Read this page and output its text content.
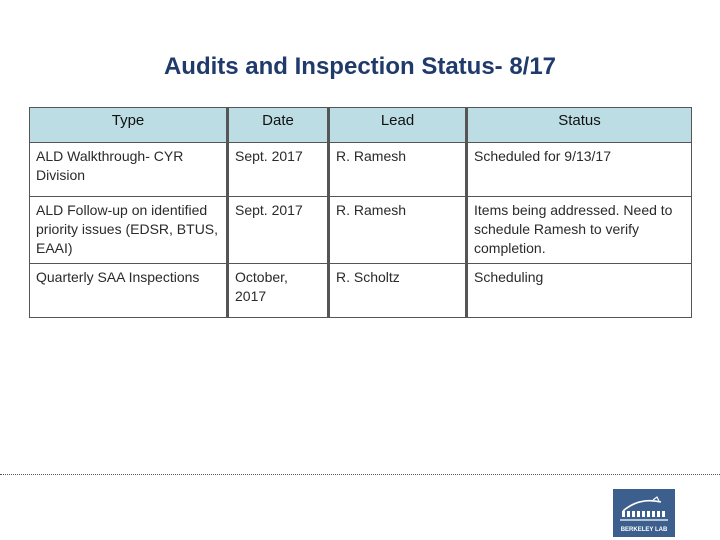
Audits and Inspection Status- 8/17
Type	Date	Lead	Status
ALD Walkthrough- CYR Division	Sept. 2017	R. Ramesh	Scheduled for 9/13/17
ALD Follow-up on identified priority issues (EDSR, BTUS, EAAI)	Sept. 2017	R. Ramesh	Items being addressed. Need to schedule Ramesh to verify completion.
Quarterly SAA Inspections	October, 2017	R. Scholtz	Scheduling
BERKELEY LAB
